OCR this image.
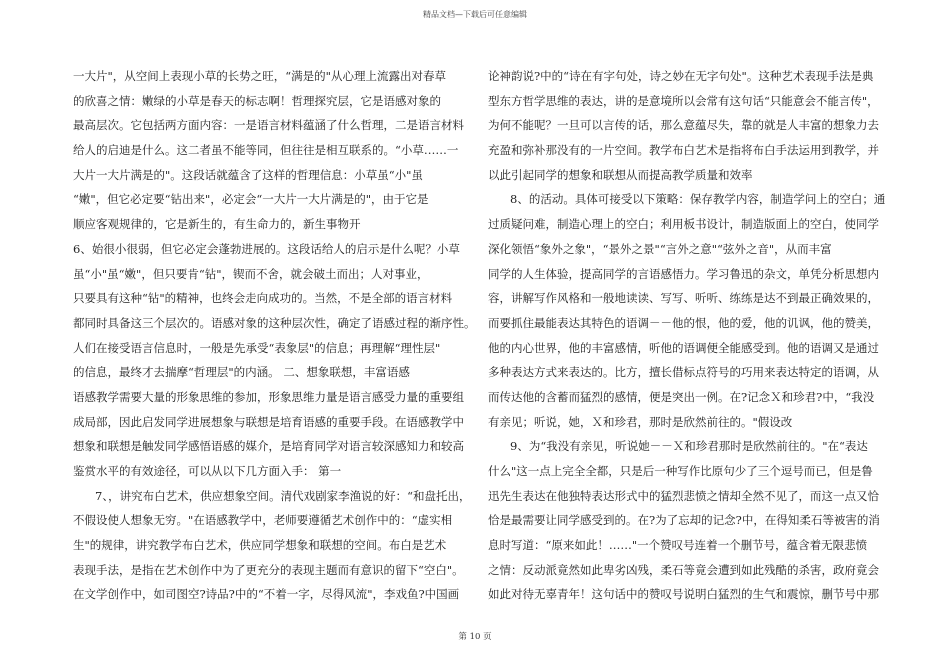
精品文档—下载后可任意编辑
一大片"，从空间上表现小草的长势之旺，“满是的"从心理上流露出对春草
的欣喜之情：嫩绿的小草是春天的标志啊！哲理探究层，它是语感对象的
最高层次。它包括两方面内容：一是语言材料蕴涵了什么哲理，二是语言材料
给人的启迪是什么。这二者虽不能等同，但往往是相互联系的。“小草……一
大片一大片满是的"。这段话就蕴含了这样的哲理信息：小草虽“小"虽
“嫩"，但它必定要“钻出来"，必定会“一大片一大片满是的"，由于它是
顺应客观规律的，它是新生的，有生命力的，新生事物开
6、始很小很弱，但它必定会蓬勃进展的。这段话给人的启示是什么呢？小草
虽“小"虽“嫩"，但只要肯“钻"，锲而不舍，就会破土而出；人对事业，
只要具有这种“钻"的精神，也终会走向成功的。当然，不是全部的语言材料
都同时具备这三个层次的。语感对象的这种层次性，确定了语感过程的渐序性。
人们在接受语言信息时，一般是先承受“表象层"的信息；再理解“理性层"
的信息，最终才去揣摩“哲理层"的内涵。 二、想象联想，丰富语感
语感教学需要大量的形象思维的参加，形象思维力量是语言感受力量的重要组
成局部，因此启发同学进展想象与联想是培育语感的重要手段。在语感教学中
想象和联想是触发同学感悟语感的媒介，是培育同学对语言较深感知力和较高
鉴赏水平的有效途径，可以从以下几方面入手： 第一
7、，讲究布白艺术，供应想象空间。清代戏剧家李渔说的好：“和盘托出，
不假设使人想象无穷。"在语感教学中，老师要遵循艺术创作中的：“虚实相
生"的规律，讲究教学布白艺术，供应同学想象和联想的空间。布白是艺术
表现手法，是指在艺术创作中为了更充分的表现主题而有意识的留下“空白"。
在文学创作中，如司图空?诗品?中的“不着一字，尽得风流"，李戏鱼?中国画
论神韵说?中的“诗在有字句处，诗之妙在无字句处"。这种艺术表现手法是典
型东方哲学思维的表达，讲的是意境所以会常有这句话“只能意会不能言传"，
为何不能呢？一旦可以言传的话，那么意蕴尽失，靠的就是人丰富的想象力去
充盈和弥补那没有的一片空间。教学布白艺术是指将布白手法运用到教学，并
以此引起同学的想象和联想从而提高教学质量和效率
8、的活动。具体可接受以下策略：保存教学内容，制造学问上的空白；通
过质疑问难，制造心理上的空白；利用板书设计，制造版面上的空白，使同学
深化领悟“象外之象"，“景外之景"“言外之意"“弦外之音"，从而丰富
同学的人生体验，提高同学的言语感悟力。学习鲁迅的杂文，单凭分析思想内
容，讲解写作风格和一般地读读、写写、听听、练练是达不到最正确效果的，
而要抓住最能表达其特色的语调－－他的恨，他的爱，他的讥讽，他的赞美，
他的内心世界，他的丰富感情，听他的语调便全能感受到。他的语调又是通过
多种表达方式来表达的。比方，擅长借标点符号的巧用来表达特定的语调，从
而传达他的含蓄而猛烈的感情，便是突出一例。在?记念Ｘ和珍君?中，“我没
有亲见；听说，她，Ｘ和珍君，那时是欣然前往的。"假设改
9、为“我没有亲见，听说她－－Ｘ和珍君那时是欣然前往的。"在“表达
什么"这一点上完全全都，只是后一种写作比原句少了三个逗号而已，但是鲁
迅先生表达在他独特表达形式中的猛烈悲愤之情却全然不见了，而这一点又恰
恰是最需要让同学感受到的。在?为了忘却的记念?中，在得知柔石等被害的消
息时写道：“原来如此！……"一个赞叹号连着一个删节号，蕴含着无限悲愤
之情：反动派竟然如此卑劣凶残，柔石等竟会遭到如此残酷的杀害，政府竟会
如此对待无辜青年！这句话中的赞叹号说明白猛烈的生气和震惊，删节号中那
第 10 页
